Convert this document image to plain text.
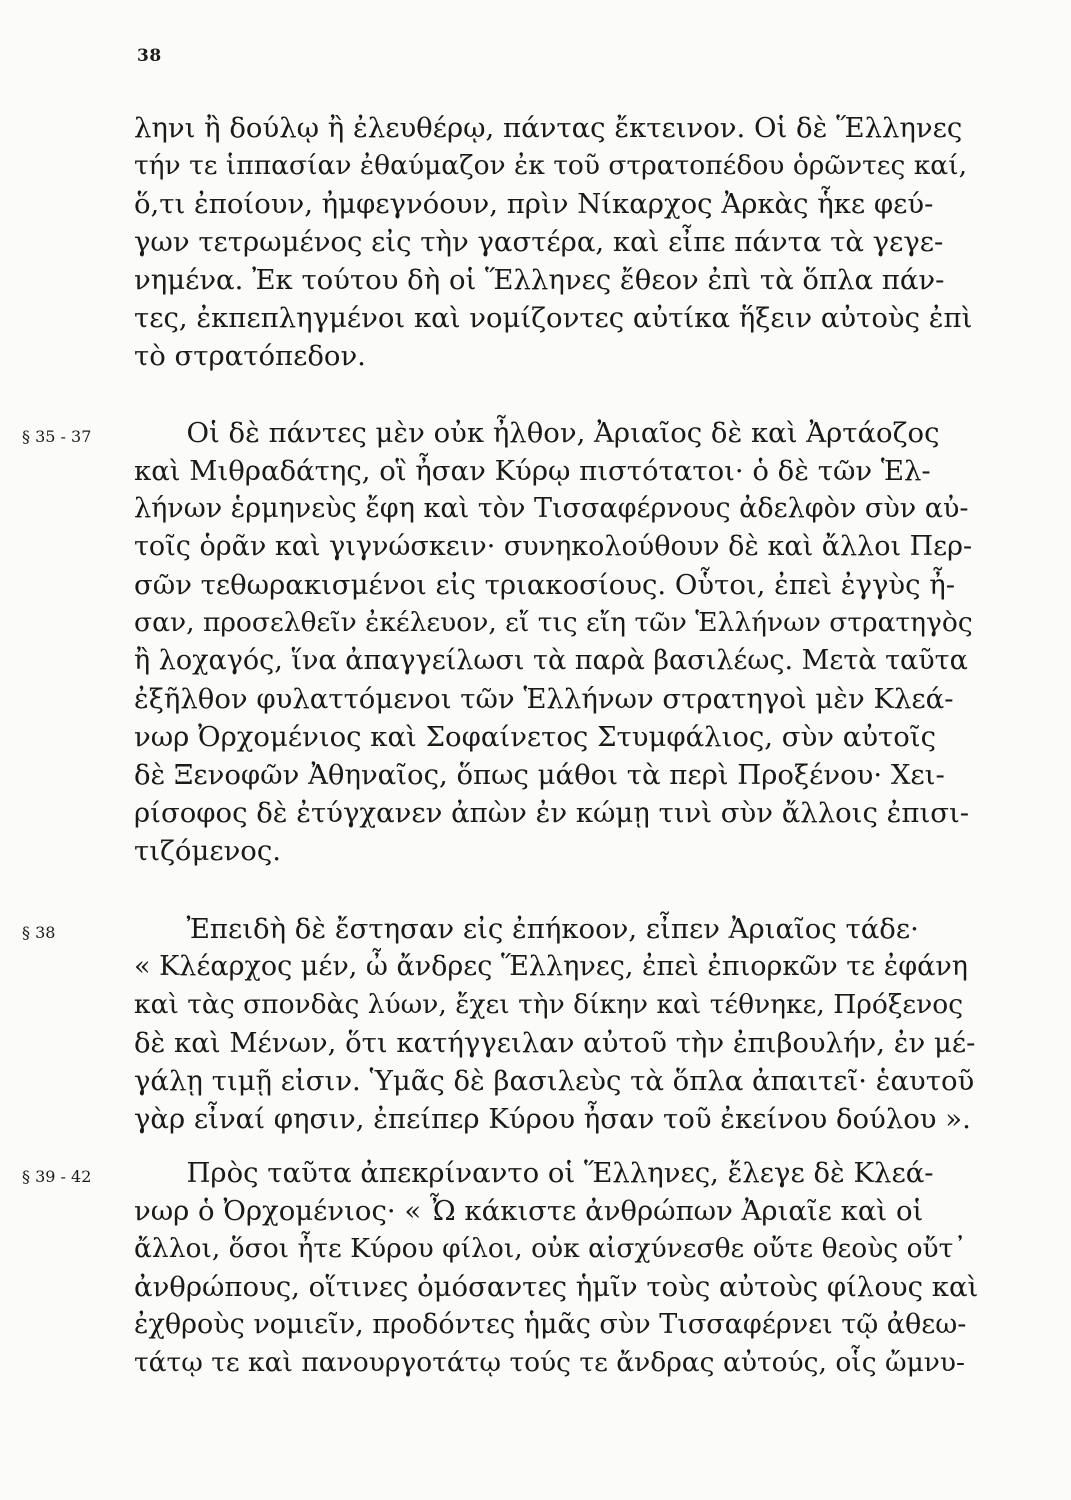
38
ληνι ἢ δούλῳ ἢ ἐλευθέρῳ, πάντας ἔκτεινον. Οἱ δὲ Ἕλληνες
τήν τε ἱππασίαν ἐθαύμαζον ἐκ τοῦ στρατοπέδου ὁρῶντες καί,
ὅ,τι ἐποίουν, ἠμφεγνόουν, πρὶν Νίκαρχος Ἀρκὰς ἧκε φεύ-
γων τετρωμένος εἰς τὴν γαστέρα, καὶ εἶπε πάντα τὰ γεγε-
νημένα. Ἐκ τούτου δὴ οἱ Ἕλληνες ἔθεον ἐπὶ τὰ ὅπλα πάν-
τες, ἐκπεπληγμένοι καὶ νομίζοντες αὐτίκα ἥξειν αὐτοὺς ἐπὶ
τὸ στρατόπεδον.
Οἱ δὲ πάντες μὲν οὐκ ἦλθον, Ἀριαῖος δὲ καὶ Ἀρτάοζος
καὶ Μιθραδάτης, οἳ ἦσαν Κύρῳ πιστότατοι· ὁ δὲ τῶν Ἑλ-
λήνων ἑρμηνεὺς ἔφη καὶ τὸν Τισσαφέρνους ἀδελφὸν σὺν αὐ-
τοῖς ὁρᾶν καὶ γιγνώσκειν· συνηκολούθουν δὲ καὶ ἄλλοι Περ-
σῶν τεθωρακισμένοι εἰς τριακοσίους. Οὗτοι, ἐπεὶ ἐγγὺς ἦ-
σαν, προσελθεῖν ἐκέλευον, εἴ τις εἴη τῶν Ἑλλήνων στρατηγὸς
ἢ λοχαγός, ἵνα ἀπαγγείλωσι τὰ παρὰ βασιλέως. Μετὰ ταῦτα
ἐξῆλθον φυλαττόμενοι τῶν Ἑλλήνων στρατηγοὶ μὲν Κλεά-
νωρ Ὀρχομένιος καὶ Σοφαίνετος Στυμφάλιος, σὺν αὐτοῖς
δὲ Ξενοφῶν Ἀθηναῖος, ὅπως μάθοι τὰ περὶ Προξένου· Χει-
ρίσοφος δὲ ἐτύγχανεν ἀπὼν ἐν κώμῃ τινὶ σὺν ἄλλοις ἐπισι-
τιζόμενος.
Ἐπειδὴ δὲ ἔστησαν εἰς ἐπήκοον, εἶπεν Ἀριαῖος τάδε·
« Κλέαρχος μέν, ὦ ἄνδρες Ἕλληνες, ἐπεὶ ἐπιορκῶν τε ἐφάνη
καὶ τὰς σπονδὰς λύων, ἔχει τὴν δίκην καὶ τέθνηκε, Πρόξενος
δὲ καὶ Μένων, ὅτι κατήγγειλαν αὐτοῦ τὴν ἐπιβουλήν, ἐν μέ-
γάλῃ τιμῇ εἰσιν. Ὑμᾶς δὲ βασιλεὺς τὰ ὅπλα ἀπαιτεῖ· ἑαυτοῦ
γὰρ εἶναί φησιν, ἐπείπερ Κύρου ἦσαν τοῦ ἐκείνου δούλου ».
Πρὸς ταῦτα ἀπεκρίναντο οἱ Ἕλληνες, ἔλεγε δὲ Κλεά-
νωρ ὁ Ὀρχομένιος· « Ὦ κάκιστε ἀνθρώπων Ἀριαῖε καὶ οἱ
ἄλλοι, ὅσοι ἦτε Κύρου φίλοι, οὐκ αἰσχύνεσθε οὔτε θεοὺς οὔτ᾽
ἀνθρώπους, οἵτινες ὀμόσαντες ἡμῖν τοὺς αὐτοὺς φίλους καὶ
ἐχθροὺς νομιεῖν, προδόντες ἡμᾶς σὺν Τισσαφέρνει τῷ ἀθεω-
τάτῳ τε καὶ πανουργοτάτῳ τούς τε ἄνδρας αὐτούς, οἷς ὤμνυ-
§ 35 - 37
§ 38
§ 39 - 42
